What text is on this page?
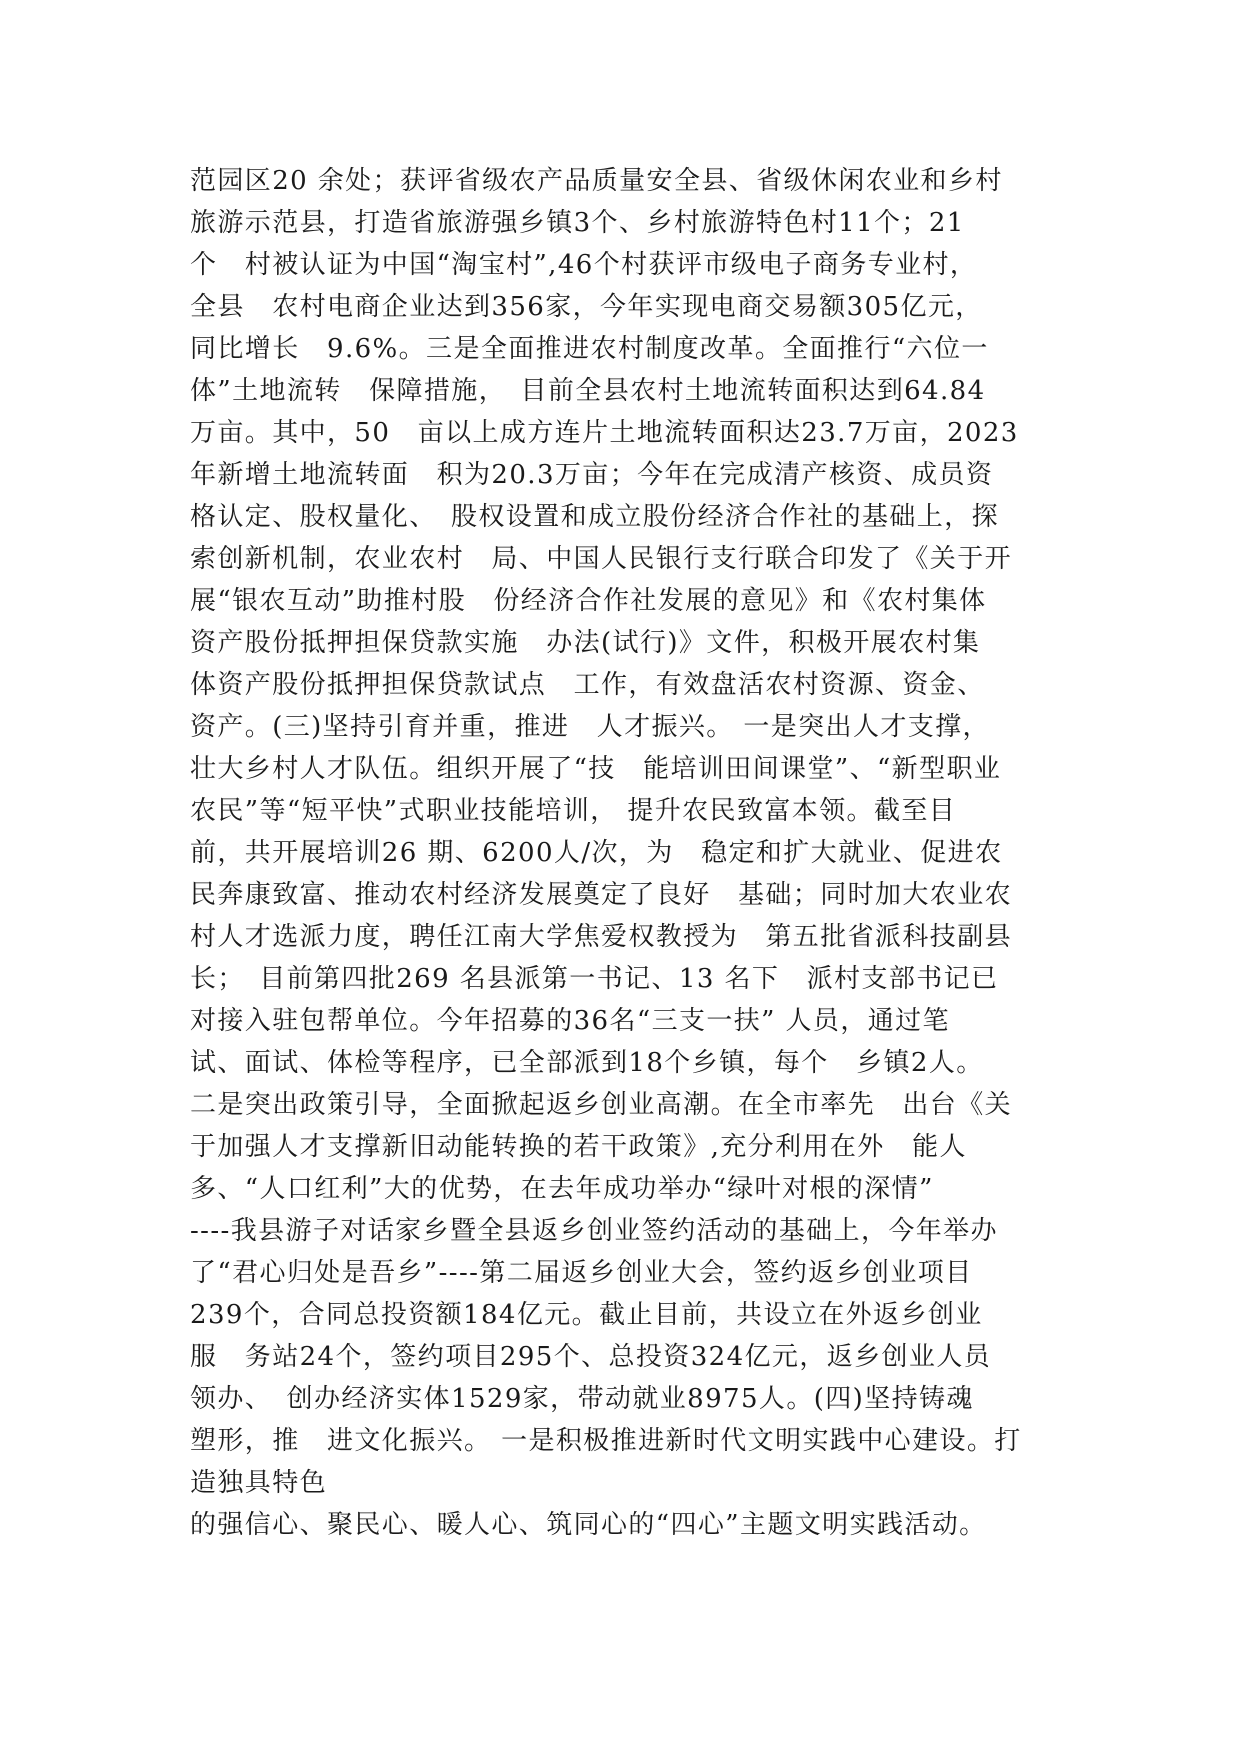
范园区20 余处；获评省级农产品质量安全县、省级休闲农业和乡村
旅游示范县，打造省旅游强乡镇3个、乡村旅游特色村11个；21
个　村被认证为中国“淘宝村”,46个村获评市级电子商务专业村，
全县　农村电商企业达到356家，今年实现电商交易额305亿元，
同比增长　9.6%。三是全面推进农村制度改革。全面推行“六位一
体”土地流转　保障措施，　目前全县农村土地流转面积达到64.84
万亩。其中，50　亩以上成方连片土地流转面积达23.7万亩，2023
年新增土地流转面　积为20.3万亩；今年在完成清产核资、成员资
格认定、股权量化、　股权设置和成立股份经济合作社的基础上，探
索创新机制，农业农村　局、中国人民银行支行联合印发了《关于开
展“银农互动”助推村股　份经济合作社发展的意见》和《农村集体
资产股份抵押担保贷款实施　办法(试行)》文件，积极开展农村集
体资产股份抵押担保贷款试点　工作，有效盘活农村资源、资金、
资产。(三)坚持引育并重，推进　人才振兴。 一是突出人才支撑，
壮大乡村人才队伍。组织开展了“技　能培训田间课堂”、“新型职业
农民”等“短平快”式职业技能培训， 提升农民致富本领。截至目
前，共开展培训26 期、6200人/次，为　稳定和扩大就业、促进农
民奔康致富、推动农村经济发展奠定了良好　基础；同时加大农业农
村人才选派力度，聘任江南大学焦爱权教授为　第五批省派科技副县
长；　目前第四批269 名县派第一书记、13 名下　派村支部书记已
对接入驻包帮单位。今年招募的36名“三支一扶” 人员，通过笔
试、面试、体检等程序，已全部派到18个乡镇，每个　乡镇2人。
二是突出政策引导，全面掀起返乡创业高潮。在全市率先　出台《关
于加强人才支撑新旧动能转换的若干政策》,充分利用在外　能人
多、“人口红利”大的优势，在去年成功举办“绿叶对根的深情”
----我县游子对话家乡暨全县返乡创业签约活动的基础上，今年举办
了“君心归处是吾乡”----第二届返乡创业大会，签约返乡创业项目
239个，合同总投资额184亿元。截止目前，共设立在外返乡创业
服　务站24个，签约项目295个、总投资324亿元，返乡创业人员
领办、　创办经济实体1529家，带动就业8975人。(四)坚持铸魂
塑形，推　进文化振兴。 一是积极推进新时代文明实践中心建设。打
造独具特色
的强信心、聚民心、暖人心、筑同心的“四心”主题文明实践活动。
